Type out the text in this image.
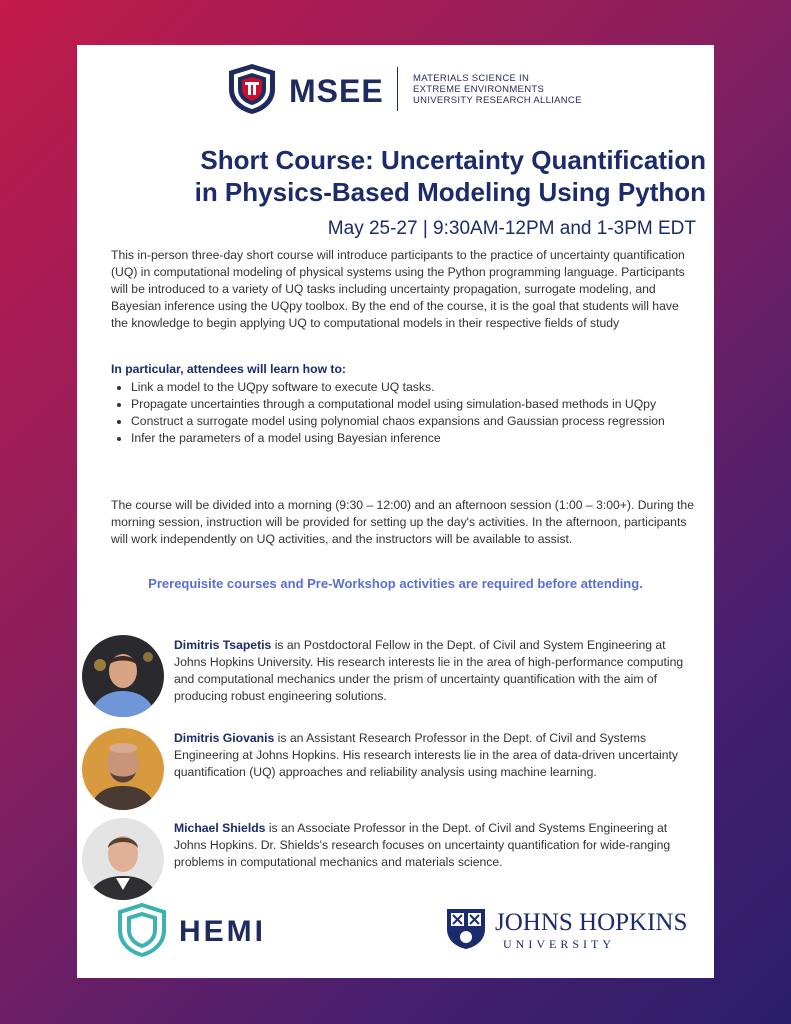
MSEE	MATERIALS SCIENCE IN
EXTREME ENVIRONMENTS
UNIVERSITY RESEARCH ALLIANCE
Short Course: Uncertainty Quantification
in Physics-Based Modeling Using Python
May 25-27 | 9:30AM-12PM and 1-3PM EDT
This in-person three-day short course will introduce participants to the practice of uncertainty quantification (UQ) in computational modeling of physical systems using the Python programming language. Participants will be introduced to a variety of UQ tasks including uncertainty propagation, surrogate modeling, and Bayesian inference using the UQpy toolbox. By the end of the course, it is the goal that students will have the knowledge to begin applying UQ to computational models in their respective fields of study
In particular, attendees will learn how to:
• Link a model to the UQpy software to execute UQ tasks.
• Propagate uncertainties through a computational model using simulation-based methods in UQpy
• Construct a surrogate model using polynomial chaos expansions and Gaussian process regression
• Infer the parameters of a model using Bayesian inference
The course will be divided into a morning (9:30 – 12:00) and an afternoon session (1:00 – 3:00+). During the morning session, instruction will be provided for setting up the day's activities. In the afternoon, participants will work independently on UQ activities, and the instructors will be available to assist.
Prerequisite courses and Pre-Workshop activities are required before attending.
Dimitris Tsapetis is an Postdoctoral Fellow in the Dept. of Civil and System Engineering at Johns Hopkins University. His research interests lie in the area of high-performance computing and computational mechanics under the prism of uncertainty quantification with the aim of producing robust engineering solutions.
Dimitris Giovanis is an Assistant Research Professor in the Dept. of Civil and Systems Engineering at Johns Hopkins. His research interests lie in the area of data-driven uncertainty quantification (UQ) approaches and reliability analysis using machine learning.
Michael Shields is an Associate Professor in the Dept. of Civil and Systems Engineering at Johns Hopkins. Dr. Shields's research focuses on uncertainty quantification for wide-ranging problems in computational mechanics and materials science.
HEMI	JOHNS HOPKINS
UNIVERSITY
